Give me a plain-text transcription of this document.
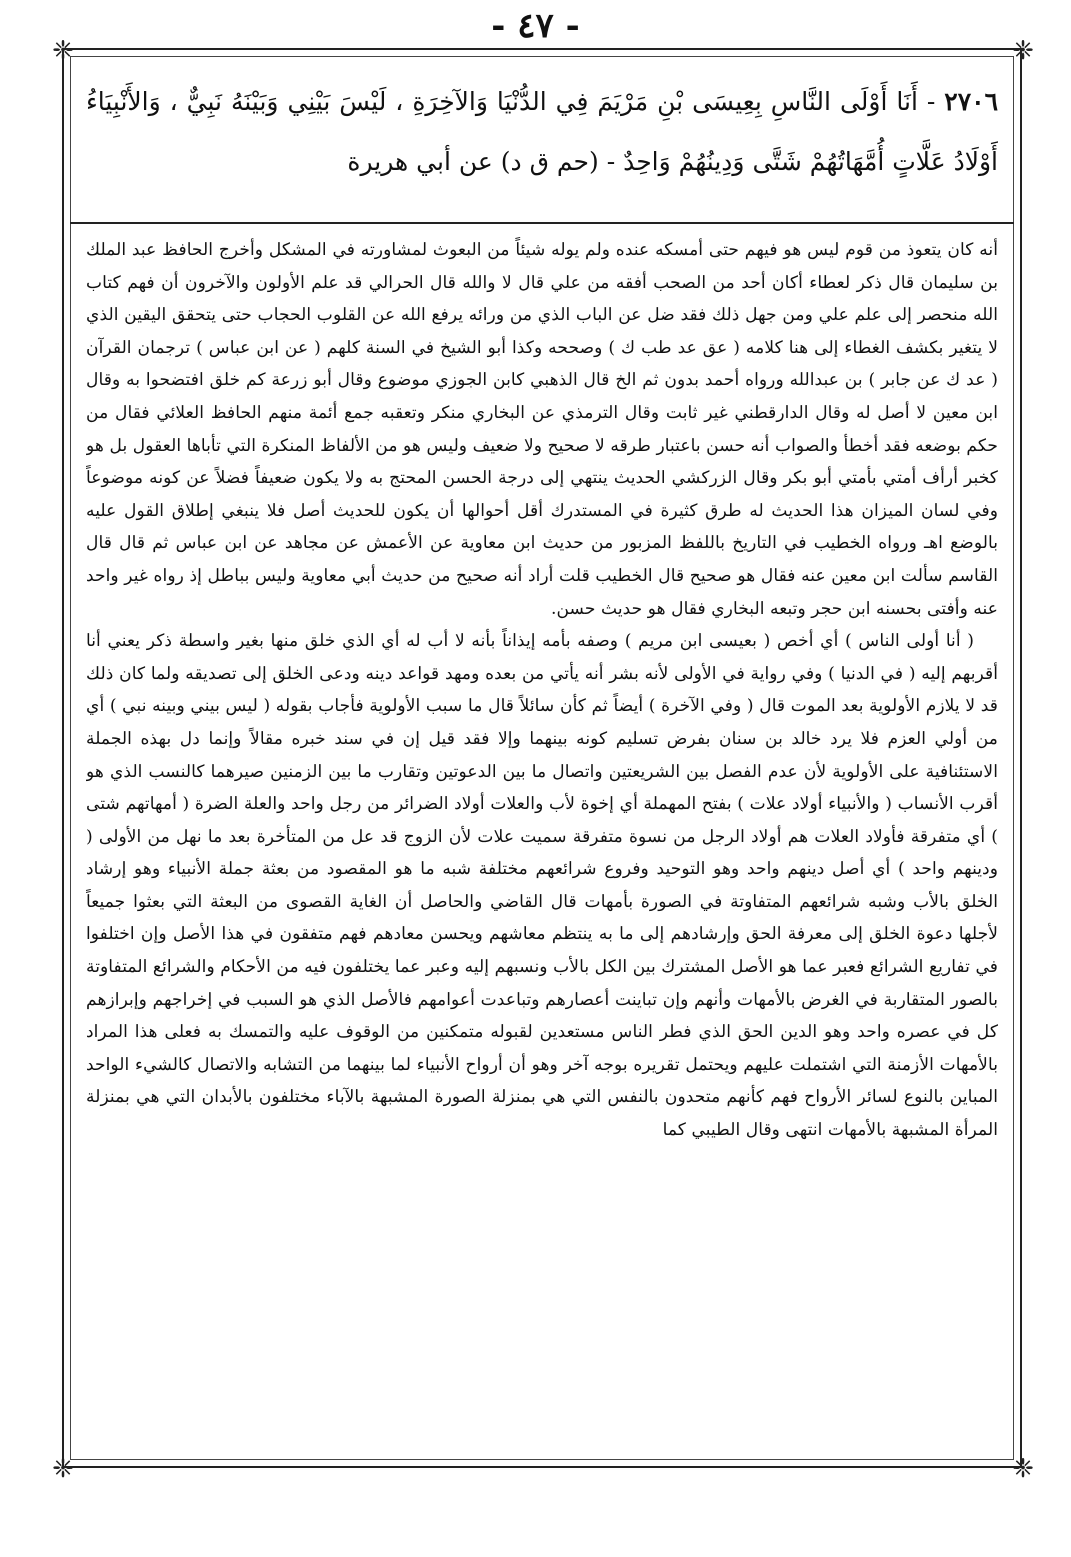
- ٤٧ -
❈	❈
❈	❈
٢٧٠٦ - أَنَا أَوْلَى النَّاسِ بِعِيسَى بْنِ مَرْيَمَ فِي الدُّنْيَا وَالآخِرَةِ ، لَيْسَ بَيْنِي وَبَيْنَهُ نَبِيٌّ ، وَالأَنْبِيَاءُ أَوْلَادُ عَلَّاتٍ أُمَّهَاتُهُمْ شَتَّى وَدِينُهُمْ وَاحِدٌ - (حم ق د) عن أبي هريرة

أنه كان يتعوذ من قوم ليس هو فيهم حتى أمسكه عنده ولم يوله شيئاً من البعوث لمشاورته في المشكل وأخرج الحافظ عبد الملك بن سليمان قال ذكر لعطاء أكان أحد من الصحب أفقه من علي قال لا والله قال الحرالي قد علم الأولون والآخرون أن فهم كتاب الله منحصر إلى علم علي ومن جهل ذلك فقد ضل عن الباب الذي من ورائه يرفع الله عن القلوب الحجاب حتى يتحقق اليقين الذي لا يتغير بكشف الغطاء إلى هنا كلامه ( عق عد طب ك ) وصححه وكذا أبو الشيخ في السنة كلهم ( عن ابن عباس ) ترجمان القرآن ( عد ك عن جابر ) بن عبدالله ورواه أحمد بدون ثم الخ قال الذهبي كابن الجوزي موضوع وقال أبو زرعة كم خلق افتضحوا به وقال ابن معين لا أصل له وقال الدارقطني غير ثابت وقال الترمذي عن البخاري منكر وتعقبه جمع أئمة منهم الحافظ العلائي فقال من حكم بوضعه فقد أخطأ والصواب أنه حسن باعتبار طرقه لا صحيح ولا ضعيف وليس هو من الألفاظ المنكرة التي تأباها العقول بل هو كخبر أرأف أمتي بأمتي أبو بكر وقال الزركشي الحديث ينتهي إلى درجة الحسن المحتج به ولا يكون ضعيفاً فضلاً عن كونه موضوعاً وفي لسان الميزان هذا الحديث له طرق كثيرة في المستدرك أقل أحوالها أن يكون للحديث أصل فلا ينبغي إطلاق القول عليه بالوضع اهـ ورواه الخطيب في التاريخ باللفظ المزبور من حديث ابن معاوية عن الأعمش عن مجاهد عن ابن عباس ثم قال قال القاسم سألت ابن معين عنه فقال هو صحيح قال الخطيب قلت أراد أنه صحيح من حديث أبي معاوية وليس بباطل إذ رواه غير واحد عنه وأفتى بحسنه ابن حجر وتبعه البخاري فقال هو حديث حسن.

( أنا أولى الناس ) أي أخص ( بعيسى ابن مريم ) وصفه بأمه إيذاناً بأنه لا أب له أي الذي خلق منها بغير واسطة ذكر يعني أنا أقربهم إليه ( في الدنيا ) وفي رواية في الأولى لأنه بشر أنه يأتي من بعده ومهد قواعد دينه ودعى الخلق إلى تصديقه ولما كان ذلك قد لا يلازم الأولوية بعد الموت قال ( وفي الآخرة ) أيضاً ثم كأن سائلاً قال ما سبب الأولوية فأجاب بقوله ( ليس بيني وبينه نبي ) أي من أولي العزم فلا يرد خالد بن سنان بفرض تسليم كونه بينهما وإلا فقد قيل إن في سند خبره مقالاً وإنما دل بهذه الجملة الاستئنافية على الأولوية لأن عدم الفصل بين الشريعتين واتصال ما بين الدعوتين وتقارب ما بين الزمنين صيرهما كالنسب الذي هو أقرب الأنساب ( والأنبياء أولاد علات ) بفتح المهملة أي إخوة لأب والعلات أولاد الضرائر من رجل واحد والعلة الضرة ( أمهاتهم شتى ) أي متفرقة فأولاد العلات هم أولاد الرجل من نسوة متفرقة سميت علات لأن الزوج قد عل من المتأخرة بعد ما نهل من الأولى ( ودينهم واحد ) أي أصل دينهم واحد وهو التوحيد وفروع شرائعهم مختلفة شبه ما هو المقصود من بعثة جملة الأنبياء وهو إرشاد الخلق بالأب وشبه شرائعهم المتفاوتة في الصورة بأمهات قال القاضي والحاصل أن الغاية القصوى من البعثة التي بعثوا جميعاً لأجلها دعوة الخلق إلى معرفة الحق وإرشادهم إلى ما به ينتظم معاشهم ويحسن معادهم فهم متفقون في هذا الأصل وإن اختلفوا في تفاريع الشرائع فعبر عما هو الأصل المشترك بين الكل بالأب ونسبهم إليه وعبر عما يختلفون فيه من الأحكام والشرائع المتفاوتة بالصور المتقاربة في الغرض بالأمهات وأنهم وإن تباينت أعصارهم وتباعدت أعوامهم فالأصل الذي هو السبب في إخراجهم وإبرازهم كل في عصره واحد وهو الدين الحق الذي فطر الناس مستعدين لقبوله متمكنين من الوقوف عليه والتمسك به فعلى هذا المراد بالأمهات الأزمنة التي اشتملت عليهم ويحتمل تقريره بوجه آخر وهو أن أرواح الأنبياء لما بينهما من التشابه والاتصال كالشيء الواحد المباين بالنوع لسائر الأرواح فهم كأنهم متحدون بالنفس التي هي بمنزلة الصورة المشبهة بالآباء مختلفون بالأبدان التي هي بمنزلة المرأة المشبهة بالأمهات انتهى وقال الطيبي كما
